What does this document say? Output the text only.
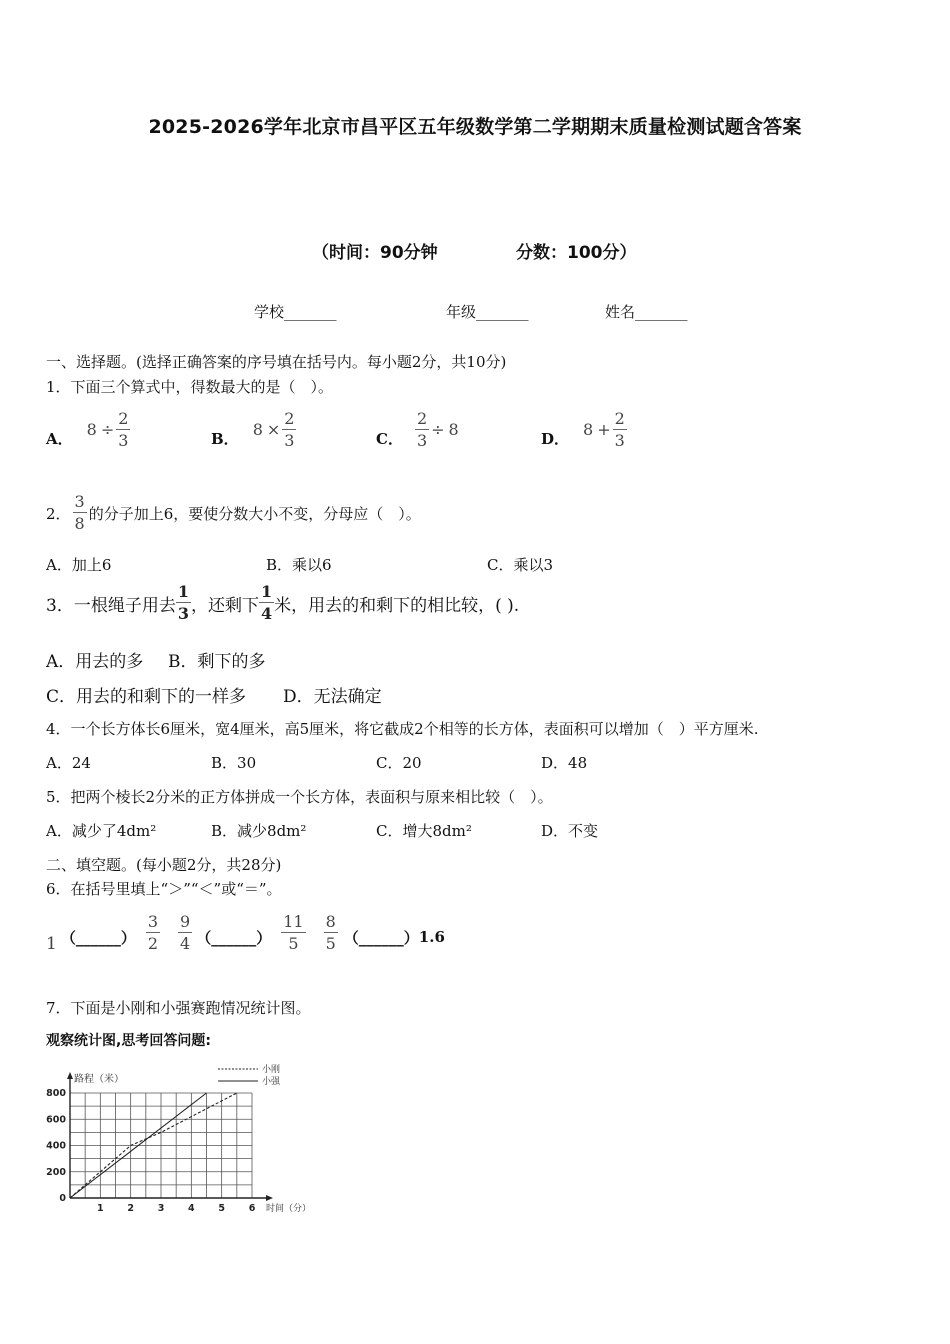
2025-2026学年北京市昌平区五年级数学第二学期期末质量检测试题含答案
（时间：90分钟	分数：100分）
学校_______	年级_______	姓名_______
一、选择题。(选择正确答案的序号填在括号内。每小题2分，共10分)
1．下面三个算式中，得数最大的是（　）。
A． $8 \div \frac{2}{3}$	B． $8 \times \frac{2}{3}$	C． $\frac{2}{3} \div 8$	D． $8 + \frac{2}{3}$
2． $\frac{3}{8}$ 的分子加上6，要使分数大小不变，分母应（　）。
A．加上6	B．乘以6	C．乘以3
3．一根绳子用去 $\frac{1}{3}$ ，还剩下 $\frac{1}{4}$ 米，用去的和剩下的相比较，( ).
A．用去的多 B．剩下的多
C．用去的和剩下的一样多 D．无法确定
4．一个长方体长6厘米，宽4厘米，高5厘米，将它截成2个相等的长方体，表面积可以增加（　）平方厘米.
A．24	B．30	C．20	D．48
5．把两个棱长2分米的正方体拼成一个长方体，表面积与原来相比较（　）。
A．减少了4dm²	B．减少8dm²	C．增大8dm²	D．不变
二、填空题。(每小题2分，共28分)
6．在括号里填上“＞”“＜”或“＝”。
1 （______） $\frac{3}{2} \frac{9}{4}$ （______） $\frac{11}{5} \frac{8}{5}$ （______） 1.6
7．下面是小刚和小强赛跑情况统计图。
观察统计图,思考回答问题:
0
200
400
600
800
1 2 3 4 5 6
小刚
小强
路程（米）
时间（分）
